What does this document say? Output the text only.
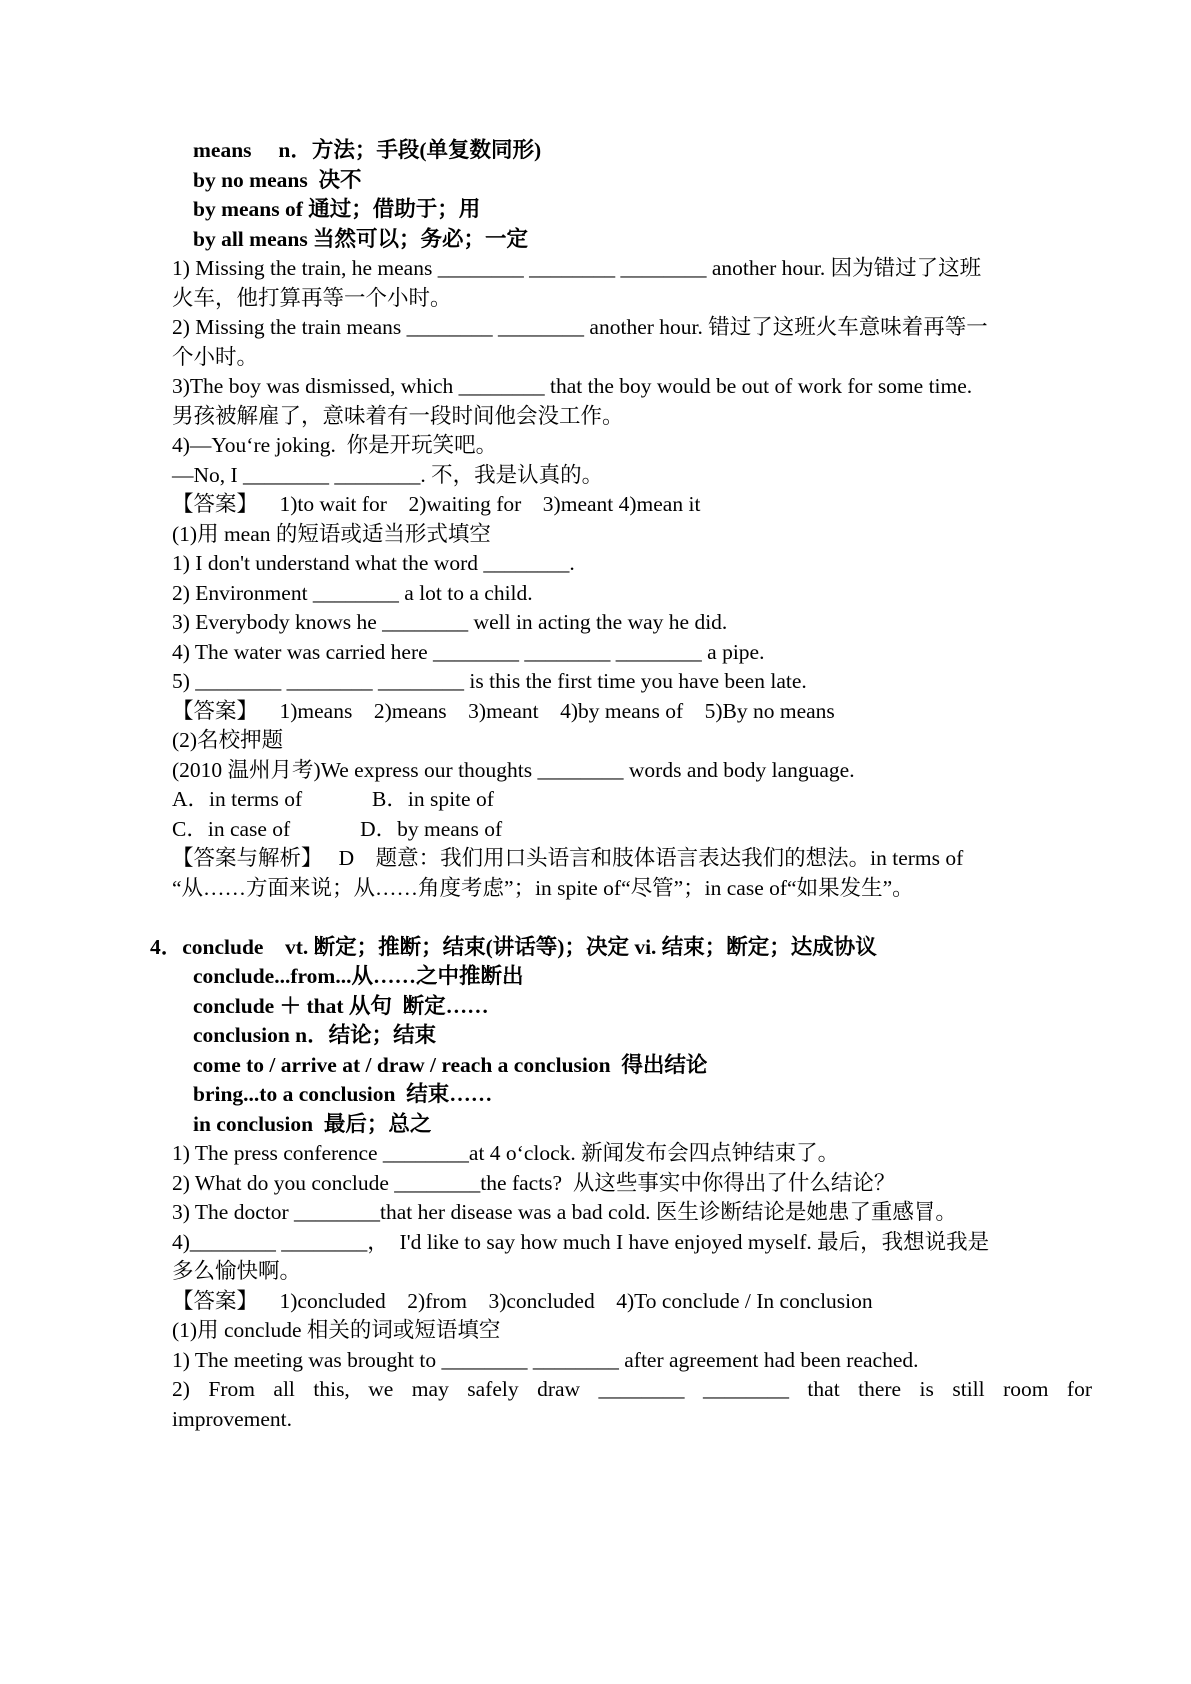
means     n．方法；手段(单复数同形)
by no means  决不
by means of 通过；借助于；用
by all means 当然可以；务必；一定
1) Missing the train, he means ________ ________ ________ another hour. 因为错过了这班
火车，他打算再等一个小时。
2) Missing the train means ________ ________ another hour. 错过了这班火车意味着再等一
个小时。
3)The boy was dismissed, which ________ that the boy would be out of work for some time.
男孩被解雇了，意味着有一段时间他会没工作。
4)—You‘re joking.  你是开玩笑吧。
—No, I ________ ________. 不，我是认真的。
【答案】    1)to wait for    2)waiting for    3)meant 4)mean it
(1)用 mean 的短语或适当形式填空
1) I don't understand what the word ________.
2) Environment ________ a lot to a child.
3) Everybody knows he ________ well in acting the way he did.
4) The water was carried here ________ ________ ________ a pipe.
5) ________ ________ ________ is this the first time you have been late.
【答案】    1)means    2)means    3)meant    4)by means of    5)By no means
(2)名校押题
(2010 温州月考)We express our thoughts ________ words and body language.
A．in terms of             B．in spite of
C．in case of             D．by means of
【答案与解析】   D    题意：我们用口头语言和肢体语言表达我们的想法。in terms of
“从……方面来说；从……角度考虑”；in spite of“尽管”；in case of“如果发生”。
4．conclude    vt. 断定；推断；结束(讲话等)；决定 vi. 结束；断定；达成协议
conclude...from...从……之中推断出
conclude ＋ that 从句  断定……
conclusion n．结论；结束
come to / arrive at / draw / reach a conclusion  得出结论
bring...to a conclusion  结束……
in conclusion  最后；总之
1) The press conference ________at 4 o‘clock. 新闻发布会四点钟结束了。
2) What do you conclude ________the facts?  从这些事实中你得出了什么结论？
3) The doctor ________that her disease was a bad cold. 医生诊断结论是她患了重感冒。
4)________ ________，  I'd like to say how much I have enjoyed myself. 最后，我想说我是
多么愉快啊。
【答案】    1)concluded    2)from    3)concluded    4)To conclude / In conclusion
(1)用 conclude 相关的词或短语填空
1) The meeting was brought to ________ ________ after agreement had been reached.
2) From all this, we may safely draw ________ ________ that there is still room for
improvement.
